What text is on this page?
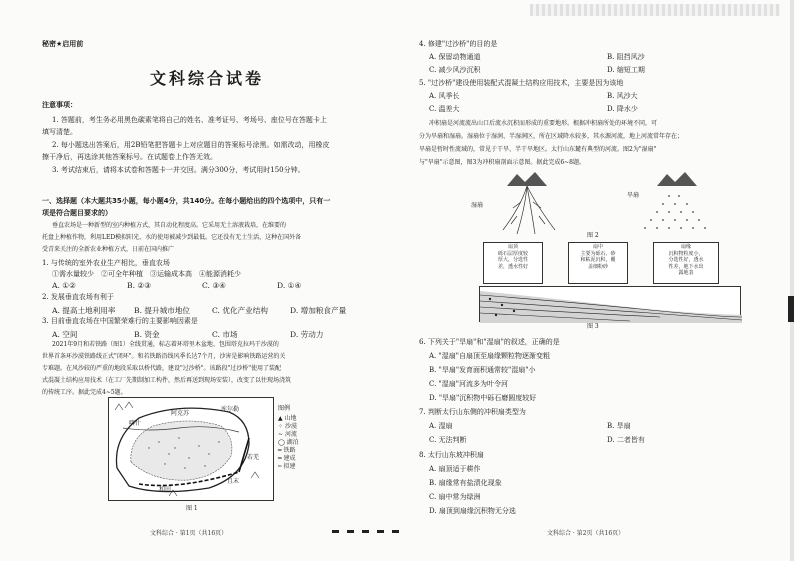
秘密★启用前
文科综合试卷
注意事项：
1. 答题前，考生务必用黑色碳素笔将自己的姓名、准考证号、考场号、座位号在答题卡上
填写清楚。
2. 每小题选出答案后，用2B铅笔把答题卡上对应题目的答案标号涂黑。如需改动，用橡皮
擦干净后，再选涂其他答案标号。在试题卷上作答无效。
3. 考试结束后，请将本试卷和答题卡一并交回。满分300分，考试用时150分钟。
一、选择题（本大题共35小题，每小题4分，共140分。在每小题给出的四个选项中，只有一
项是符合题目要求的）
垂直农场是一种新型的室内种植方式，其自动化程度高。它采用无土溶液栽培，在维要的
托盘上种植作物，利用LED模拟阳光，水的使用被减少到最低。它还没有无土生活，这种在国外备
受青来关注的全新农业种植方式，日前在国内推广
1. 与传统的室外农业生产相比，垂直农场
①需水量较少　②可全年种植　③运输成本高　④能源消耗少
A. ①②	B. ②③	C. ③④	D. ①④
2. 发展垂直农场有利于
A. 提高土地利用率	B. 提升城市地位	C. 优化产业结构	D. 增加粮食产量
3. 目前垂直农场在中国繁荣难行的主要影响因素是
A. 空间	B. 资金	C. 市场	D. 劳动力
2021年9月和若铁路（图1）全线贯通，标志着环塔里木盆地、包围塔克拉玛干沙漠的
世界首条环沙漠铁路线正式"闭环"。和若铁路沿线风季长达7个月，沙害是影响铁路运营的关
专难题。在风沙较的严重的地段采取以桥代路，建设"过沙桥"。该路段"过沙桥"使用了装配
式混凝土结构应用技术（在工厂先期制加工构件，然后再送到现场安装），改变了以往现场浇筑
的传统工序。据此完成4~5题。
喀什
阿克苏
库尔勒
且末
和田
若羌
图例
▲ 山地
⁘ 沙漠
~ 河流
◯ 湖泊
═ 铁路
━ 建成
┅ 拟建
图 1
文科综合 · 第1页（共16页）
4. 修建"过沙桥"的目的是
A. 保留动物通道	B. 阻挡风沙
C. 减少风沙沉积	D. 缩短工期
5. "过沙桥"建设使用装配式混凝土结构应用技术，主要是因为该地
A. 风季长	B. 风沙大
C. 温差大	D. 降水少
冲积扇是河流流出山口后流水沉积而形成的重要地形。根据冲积扇所处的环境不同，可
分为旱扇和湿扇。湿扇位于湿润、半湿润区，所在区域降水较多，其水源河流，地上河流常年存在；
旱扇是暂时性流域的，常见于干旱、半干旱地区。太行山东麓有典型的河流。图2为"湿扇"
与"旱扇"示意图，图3为冲积扇剖面示意图。据此完成6~8题。
湿扇
旱扇
图 2
扇顶
砾石层厚度较
厚大，分选性
差，透水性好
扇中
主要为砾石、砂
和粘泥沉积，覆
盖细粉砂
扇缘
沉积物粒度小，
分选性好，透水
性差，地下水出
露地表
图 3
6. 下列关于"旱扇"和"湿扇"的叙述，正确的是
A. "湿扇"自扇顶至扇缘颗粒物逐渐变粗
B. "旱扇"发育面积通常较"湿扇"小
C. "湿扇"河流多为叶令河
D. "旱扇"沉积物中砾石磨圆度较好
7. 判断太行山东侧的冲积扇类型为
A. 湿扇	B. 旱扇
C. 无法判断	D. 二者皆有
8. 太行山东坡冲积扇
A. 扇顶适于耕作
B. 扇缘常有盐渍化现象
C. 扇中常为绿洲
D. 扇顶到扇缘沉积物无分选
文科综合 · 第2页（共16页）
